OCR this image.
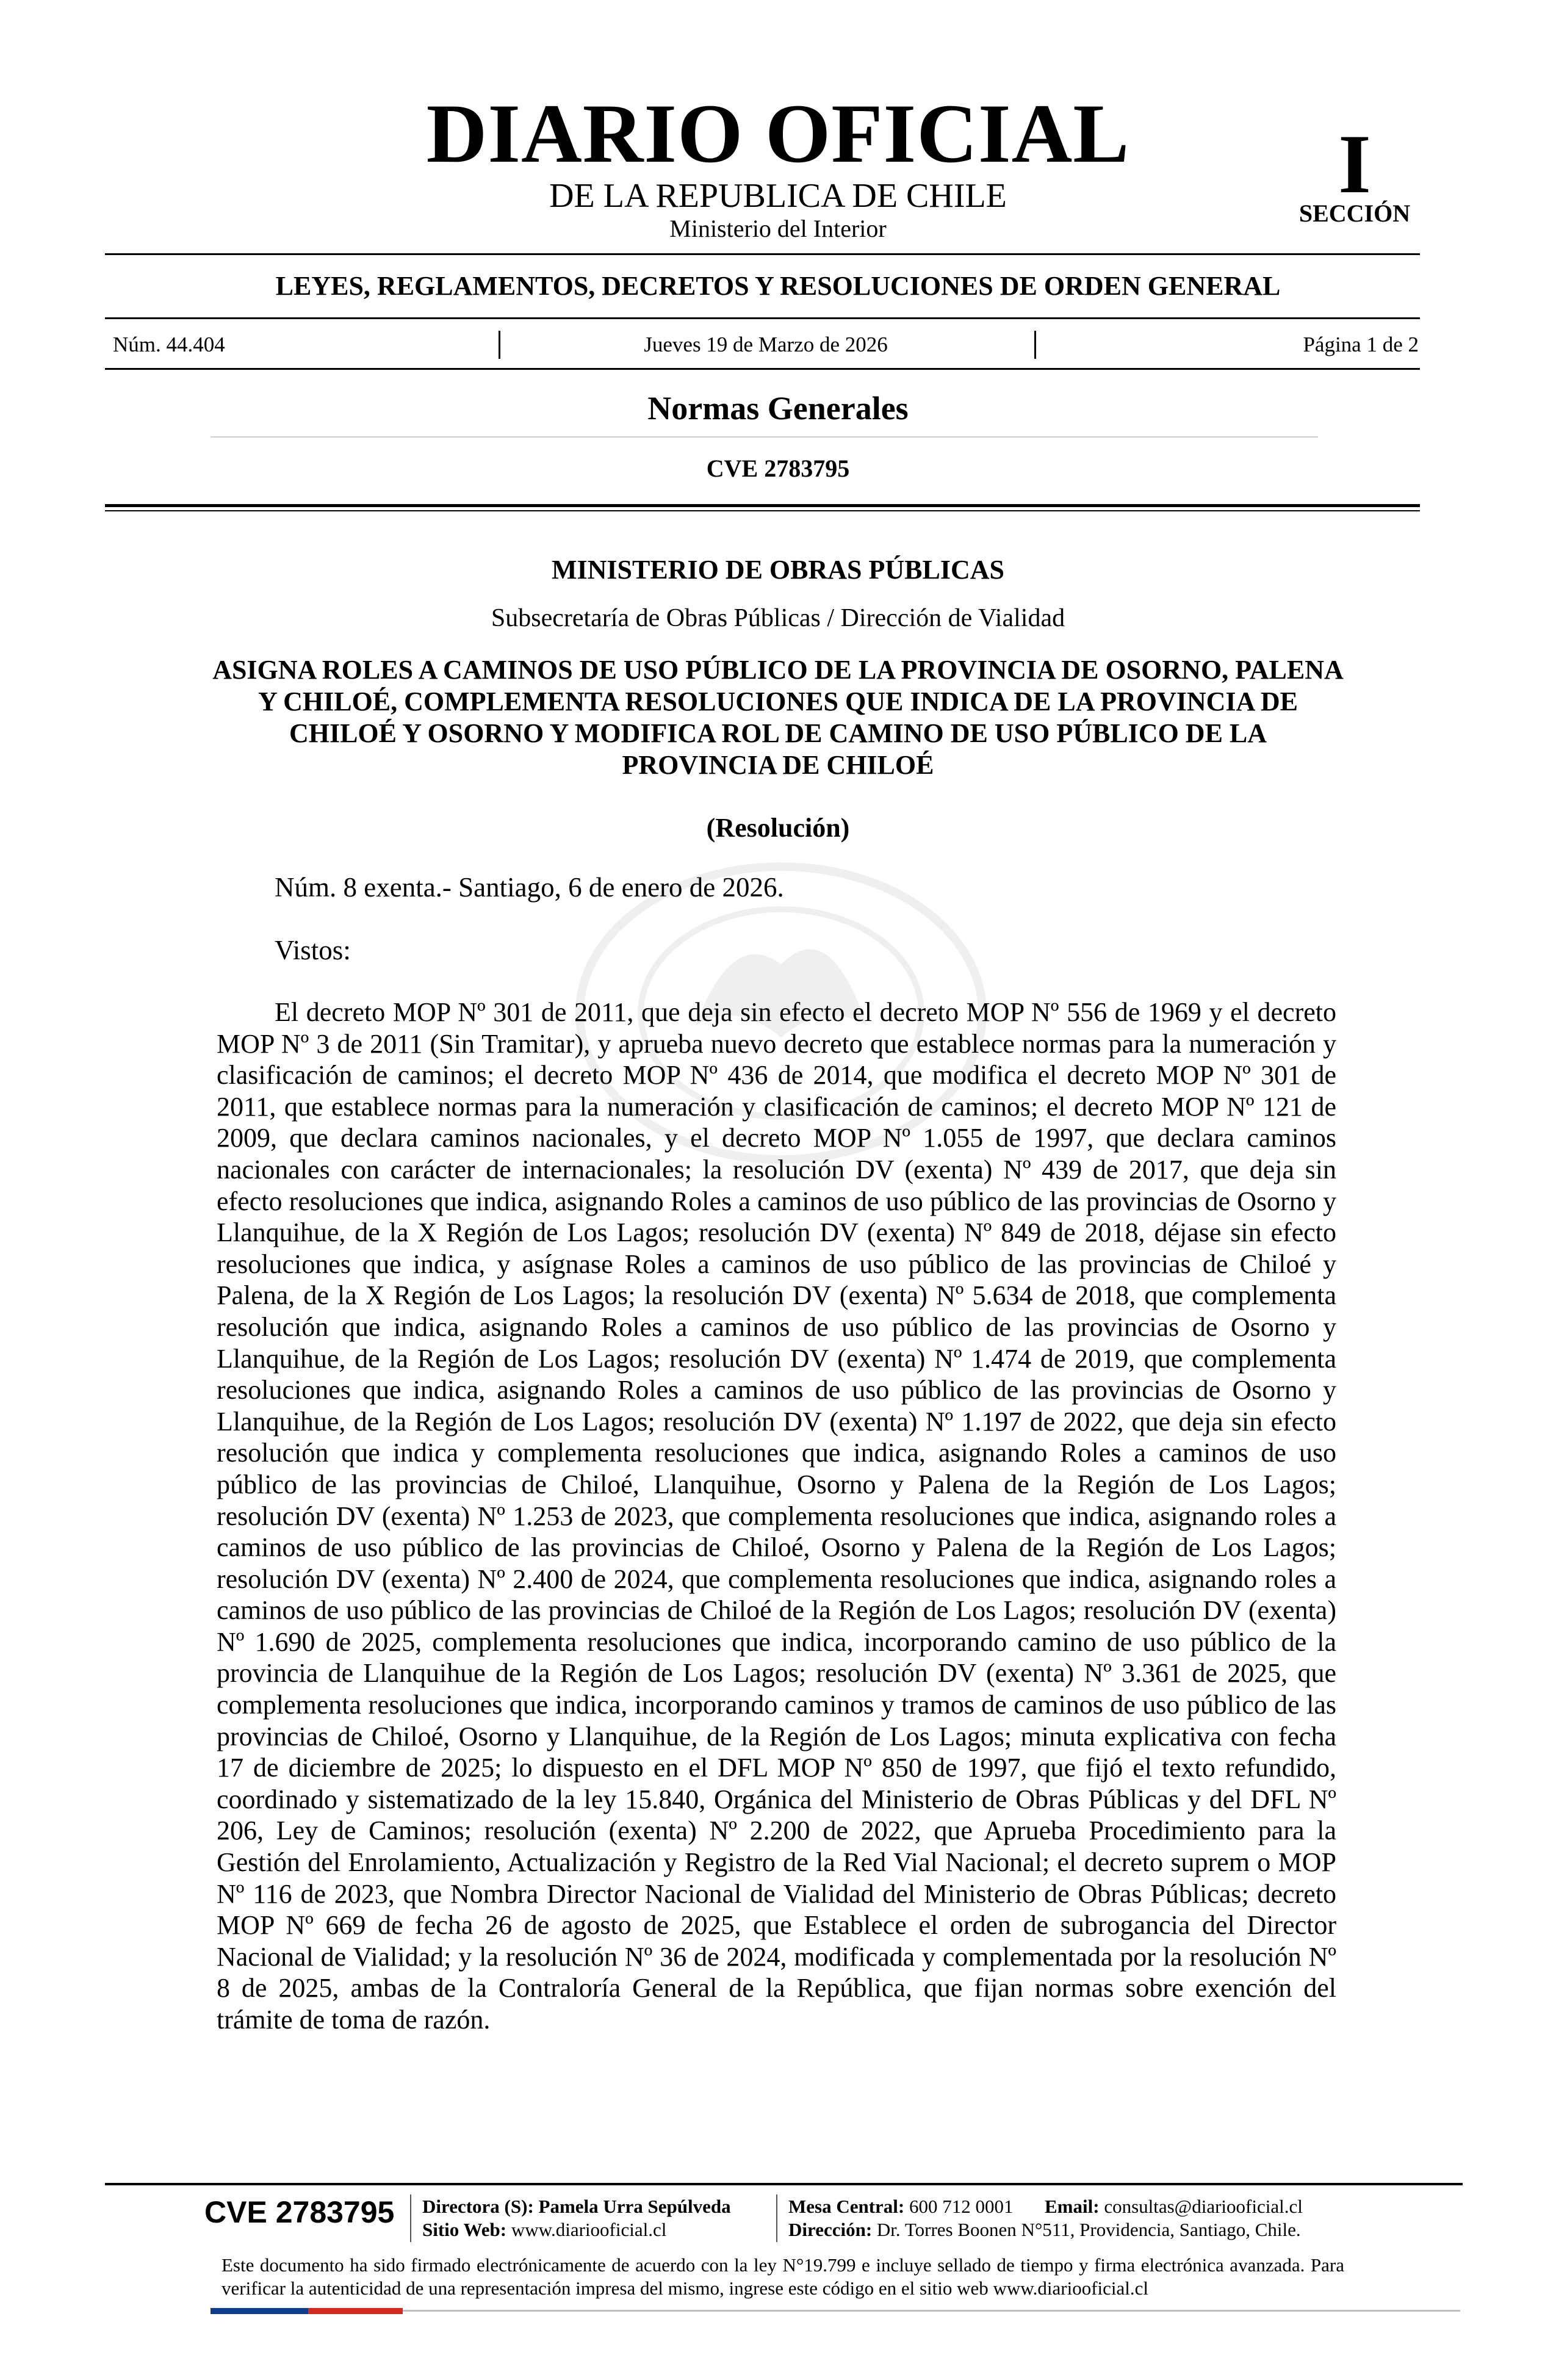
DIARIO OFICIAL
DE LA REPUBLICA DE CHILE
Ministerio del Interior
I
SECCIÓN
LEYES, REGLAMENTOS, DECRETOS Y RESOLUCIONES DE ORDEN GENERAL
Núm. 44.404	Jueves 19 de Marzo de 2026	Página 1 de 2
Normas Generales
CVE 2783795
MINISTERIO DE OBRAS PÚBLICAS
Subsecretaría de Obras Públicas / Dirección de Vialidad
ASIGNA ROLES A CAMINOS DE USO PÚBLICO DE LA PROVINCIA DE OSORNO, PALENA Y CHILOÉ, COMPLEMENTA RESOLUCIONES QUE INDICA DE LA PROVINCIA DE CHILOÉ Y OSORNO Y MODIFICA ROL DE CAMINO DE USO PÚBLICO DE LA PROVINCIA DE CHILOÉ
(Resolución)
Núm. 8 exenta.- Santiago, 6 de enero de 2026.
Vistos:
El decreto MOP Nº 301 de 2011, que deja sin efecto el decreto MOP Nº 556 de 1969 y el decreto MOP Nº 3 de 2011 (Sin Tramitar), y aprueba nuevo decreto que establece normas para la numeración y clasificación de caminos; el decreto MOP Nº 436 de 2014, que modifica el decreto MOP Nº 301 de 2011, que establece normas para la numeración y clasificación de caminos; el decreto MOP Nº 121 de 2009, que declara caminos nacionales, y el decreto MOP Nº 1.055 de 1997, que declara caminos nacionales con carácter de internacionales; la resolución DV (exenta) Nº 439 de 2017, que deja sin efecto resoluciones que indica, asignando Roles a caminos de uso público de las provincias de Osorno y Llanquihue, de la X Región de Los Lagos; resolución DV (exenta) Nº 849 de 2018, déjase sin efecto resoluciones que indica, y asígnase Roles a caminos de uso público de las provincias de Chiloé y Palena, de la X Región de Los Lagos; la resolución DV (exenta) Nº 5.634 de 2018, que complementa resolución que indica, asignando Roles a caminos de uso público de las provincias de Osorno y Llanquihue, de la Región de Los Lagos; resolución DV (exenta) Nº 1.474 de 2019, que complementa resoluciones que indica, asignando Roles a caminos de uso público de las provincias de Osorno y Llanquihue, de la Región de Los Lagos; resolución DV (exenta) Nº 1.197 de 2022, que deja sin efecto resolución que indica y complementa resoluciones que indica, asignando Roles a caminos de uso público de las provincias de Chiloé, Llanquihue, Osorno y Palena de la Región de Los Lagos; resolución DV (exenta) Nº 1.253 de 2023, que complementa resoluciones que indica, asignando roles a caminos de uso público de las provincias de Chiloé, Osorno y Palena de la Región de Los Lagos; resolución DV (exenta) Nº 2.400 de 2024, que complementa resoluciones que indica, asignando roles a caminos de uso público de las provincias de Chiloé de la Región de Los Lagos; resolución DV (exenta) Nº 1.690 de 2025, complementa resoluciones que indica, incorporando camino de uso público de la provincia de Llanquihue de la Región de Los Lagos; resolución DV (exenta) Nº 3.361 de 2025, que complementa resoluciones que indica, incorporando caminos y tramos de caminos de uso público de las provincias de Chiloé, Osorno y Llanquihue, de la Región de Los Lagos; minuta explicativa con fecha 17 de diciembre de 2025; lo dispuesto en el DFL MOP Nº 850 de 1997, que fijó el texto refundido, coordinado y sistematizado de la ley 15.840, Orgánica del Ministerio de Obras Públicas y del DFL Nº 206, Ley de Caminos; resolución (exenta) Nº 2.200 de 2022, que Aprueba Procedimiento para la Gestión del Enrolamiento, Actualización y Registro de la Red Vial Nacional; el decreto suprem o MOP Nº 116 de 2023, que Nombra Director Nacional de Vialidad del Ministerio de Obras Públicas; decreto MOP Nº 669 de fecha 26 de agosto de 2025, que Establece el orden de subrogancia del Director Nacional de Vialidad; y la resolución Nº 36 de 2024, modificada y complementada por la resolución Nº 8 de 2025, ambas de la Contraloría General de la República, que fijan normas sobre exención del trámite de toma de razón.
CVE 2783795 Directora (S): Pamela Urra Sepúlveda
Sitio Web: www.diariooficial.cl
Mesa Central: 600 712 0001 Email: consultas@diariooficial.cl
Dirección: Dr. Torres Boonen N°511, Providencia, Santiago, Chile.
Este documento ha sido firmado electrónicamente de acuerdo con la ley N°19.799 e incluye sellado de tiempo y firma electrónica avanzada. Para verificar la autenticidad de una representación impresa del mismo, ingrese este código en el sitio web www.diariooficial.cl
